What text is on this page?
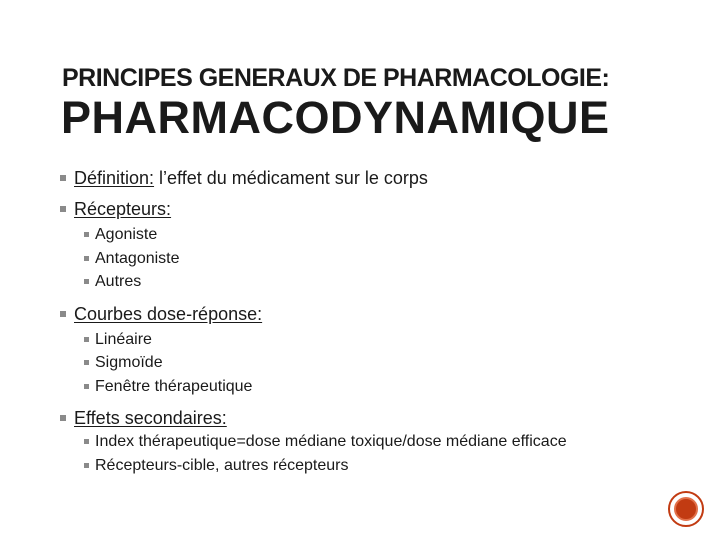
PRINCIPES GENERAUX DE PHARMACOLOGIE:
PHARMACODYNAMIQUE
Définition: l’effet du médicament sur le corps
Récepteurs:
Agoniste
Antagoniste
Autres
Courbes dose-réponse:
Linéaire
Sigmoïde
Fenêtre thérapeutique
Effets secondaires:
Index thérapeutique=dose médiane toxique/dose médiane efficace
Récepteurs-cible, autres récepteurs
